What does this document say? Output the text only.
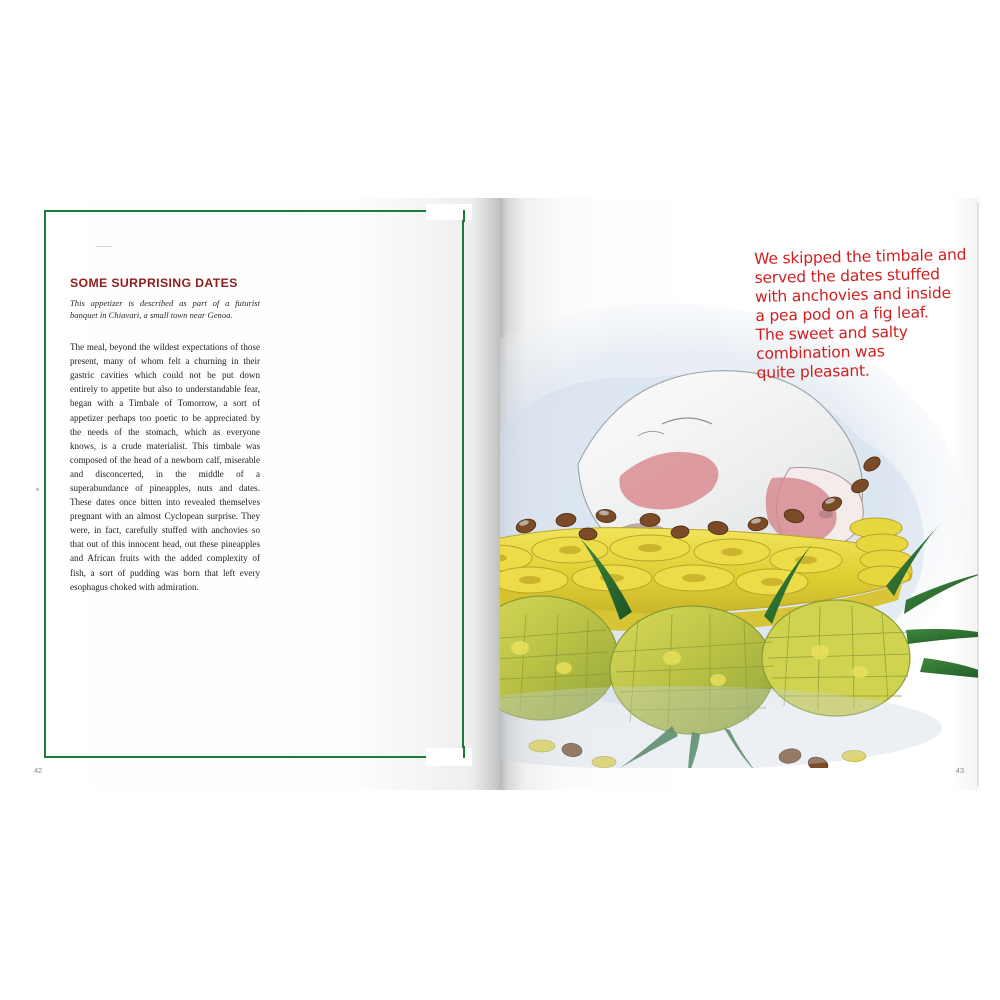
SOME SURPRISING DATES

This appetizer is described as part of a futurist banquet in Chiavari, a small town near Genoa.

The meal, beyond the wildest expectations of those present, many of whom felt a churning in their gastric cavities which could not be put down entirely to appetite but also to understandable fear, began with a Timbale of Tomorrow, a sort of appetizer perhaps too poetic to be appreciated by the needs of the stomach, which as everyone knows, is a crude materialist. This timbale was composed of the head of a newborn calf, miserable and disconcerted, in the middle of a superabundance of pineapples, nuts and dates. These dates once bitten into revealed themselves pregnant with an almost Cyclopean surprise. They were, in fact, carefully stuffed with anchovies so that out of this innocent head, out these pineapples and African fruits with the added complexity of fish, a sort of pudding was born that left every esophagus choked with admiration.

42
We skipped the timbale and
served the dates stuffed
with anchovies and inside
a pea pod on a fig leaf.
The sweet and salty
combination was
quite pleasant.
43
